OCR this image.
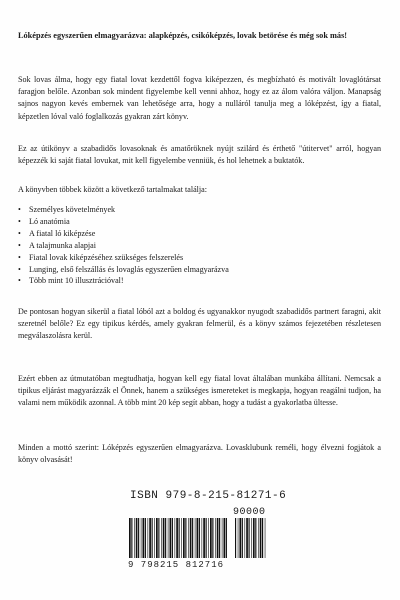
Lóképzés egyszerűen elmagyarázva: alapképzés, csikóképzés, lovak betörése és még sok más!
Sok lovas álma, hogy egy fiatal lovat kezdettől fogva kiképezzen, és megbízható és motivált lovaglótársat faragjon belőle. Azonban sok mindent figyelembe kell venni ahhoz, hogy ez az álom valóra váljon. Manapság sajnos nagyon kevés embernek van lehetősége arra, hogy a nulláról tanulja meg a lóképzést, így a fiatal, képzetlen lóval való foglalkozás gyakran zárt könyv.
Ez az útikönyv a szabadidős lovasoknak és amatőröknek nyújt szilárd és érthető "útitervet" arról, hogyan képezzék ki saját fiatal lovukat, mit kell figyelembe venniük, és hol lehetnek a buktatók.
A könyvben többek között a következő tartalmakat találja:
• Személyes követelmények
• Ló anatómia
• A fiatal ló kiképzése
• A talajmunka alapjai
• Fiatal lovak kiképzéséhez szükséges felszerelés
• Lunging, első felszállás és lovaglás egyszerűen elmagyarázva
• Több mint 10 illusztrációval!
De pontosan hogyan sikerül a fiatal lóból azt a boldog és ugyanakkor nyugodt szabadidős partnert faragni, akit szeretnél belőle? Ez egy tipikus kérdés, amely gyakran felmerül, és a könyv számos fejezetében részletesen megválaszolásra kerül.
Ezért ebben az útmutatóban megtudhatja, hogyan kell egy fiatal lovat általában munkába állítani. Nemcsak a tipikus eljárást magyarázzák el Önnek, hanem a szükséges ismereteket is megkapja, hogyan reagálni tudjon, ha valami nem működik azonnal. A több mint 20 kép segít abban, hogy a tudást a gyakorlatba ültesse.
Minden a mottó szerint: Lóképzés egyszerűen elmagyarázva. Lovasklubunk reméli, hogy élvezni fogjátok a könyv olvasását!
ISBN 979-8-215-81271-6
90000
9 798215 812716
